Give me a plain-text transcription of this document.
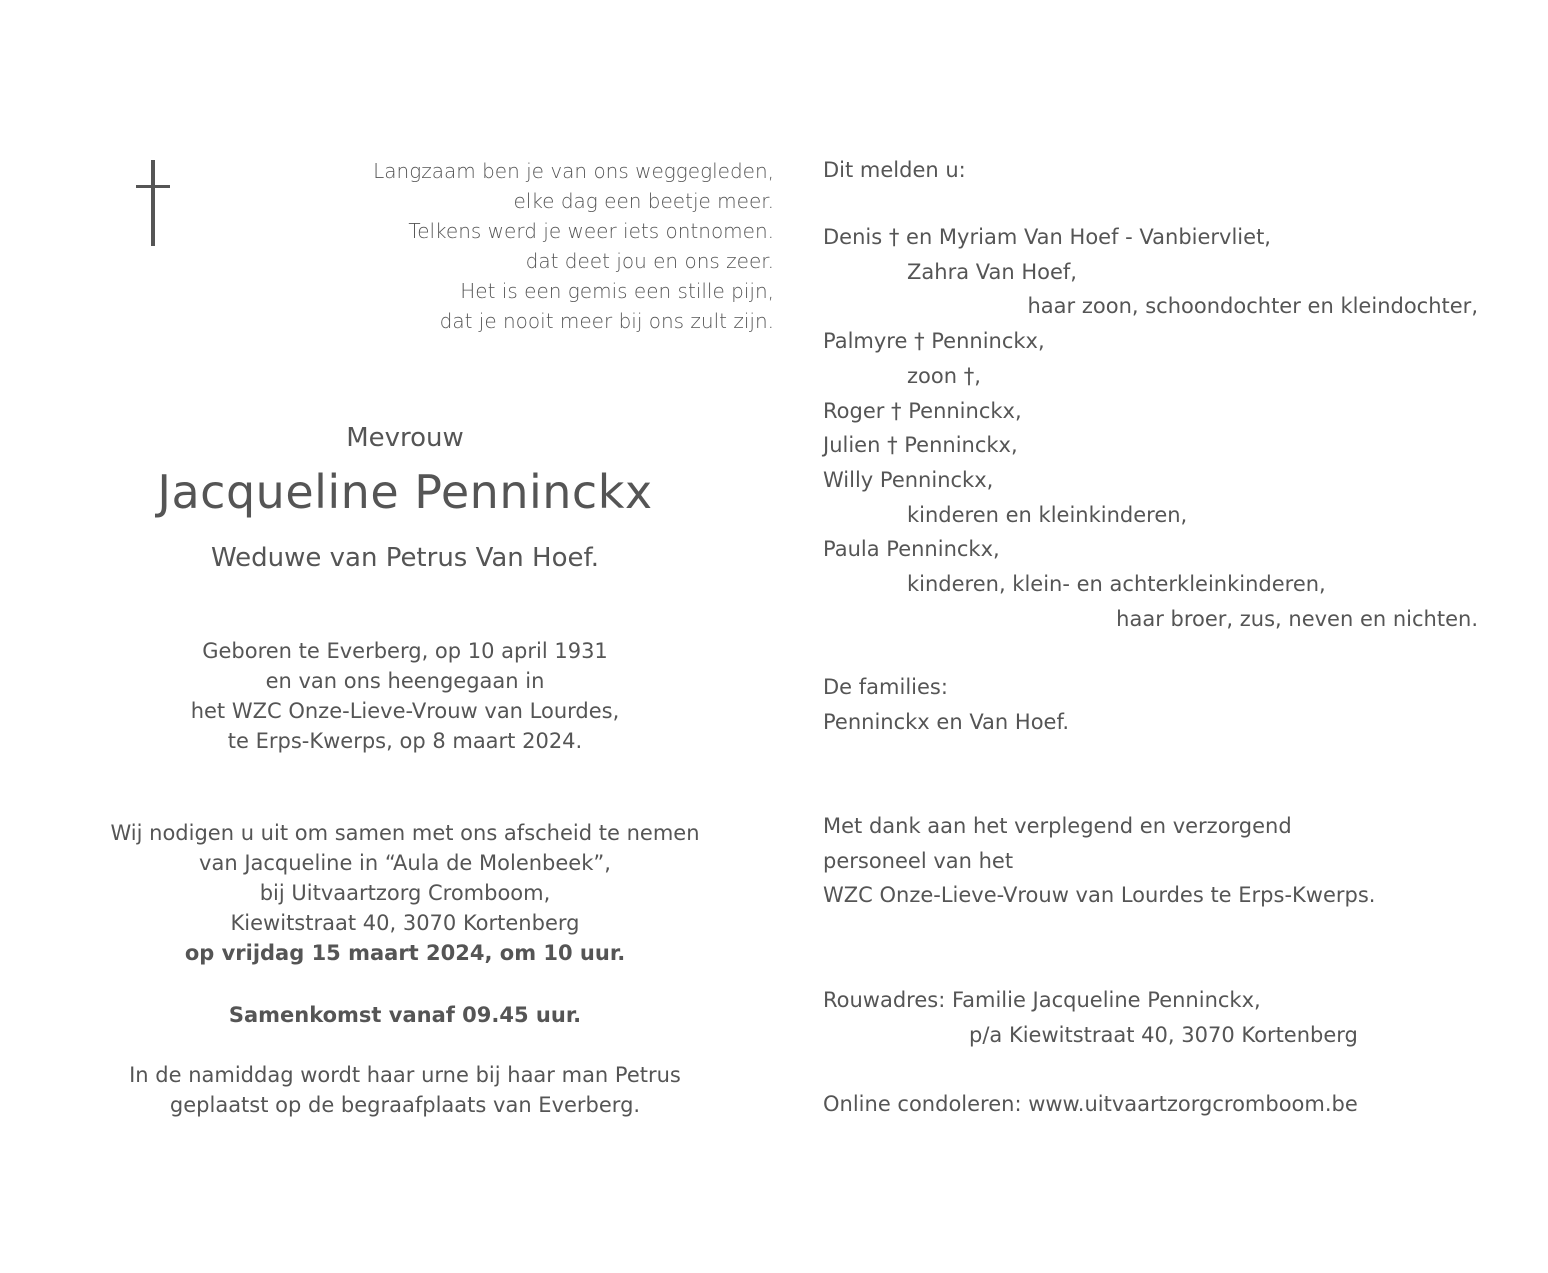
Langzaam ben je van ons weggegleden,
elke dag een beetje meer.
Telkens werd je weer iets ontnomen.
dat deet jou en ons zeer.
Het is een gemis een stille pijn,
dat je nooit meer bij ons zult zijn.
Mevrouw
Jacqueline Penninckx
Weduwe van Petrus Van Hoef.
Geboren te Everberg, op 10 april 1931
en van ons heengegaan in
het WZC Onze-Lieve-Vrouw van Lourdes,
te Erps-Kwerps, op 8 maart 2024.
Wij nodigen u uit om samen met ons afscheid te nemen
van Jacqueline in “Aula de Molenbeek”,
bij Uitvaartzorg Cromboom,
Kiewitstraat 40, 3070 Kortenberg
op vrijdag 15 maart 2024, om 10 uur.
Samenkomst vanaf 09.45 uur.
In de namiddag wordt haar urne bij haar man Petrus
geplaatst op de begraafplaats van Everberg.
Dit melden u:
Denis † en Myriam Van Hoef - Vanbiervliet,
Zahra Van Hoef,
haar zoon, schoondochter en kleindochter,
Palmyre † Penninckx,
zoon †,
Roger † Penninckx,
Julien † Penninckx,
Willy Penninckx,
kinderen en kleinkinderen,
Paula Penninckx,
kinderen, klein- en achterkleinkinderen,
haar broer, zus, neven en nichten.
De families:
Penninckx en Van Hoef.
Met dank aan het verplegend en verzorgend
personeel van het
WZC Onze-Lieve-Vrouw van Lourdes te Erps-Kwerps.
Rouwadres: Familie Jacqueline Penninckx,
p/a Kiewitstraat 40, 3070 Kortenberg
Online condoleren: www.uitvaartzorgcromboom.be
